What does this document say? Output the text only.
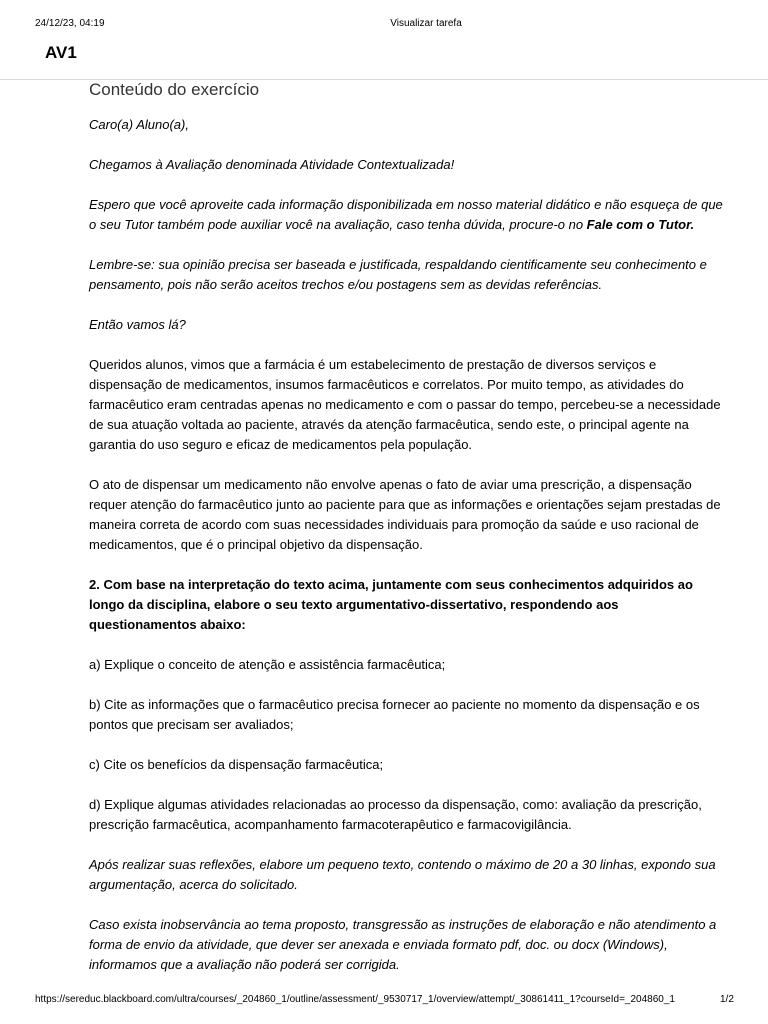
24/12/23, 04:19	Visualizar tarefa
AV1
Conteúdo do exercício

Caro(a) Aluno(a),

Chegamos à Avaliação denominada Atividade Contextualizada!

Espero que você aproveite cada informação disponibilizada em nosso material didático e não esqueça de que o seu Tutor também pode auxiliar você na avaliação, caso tenha dúvida, procure-o no Fale com o Tutor.

Lembre-se: sua opinião precisa ser baseada e justificada, respaldando cientificamente seu conhecimento e pensamento, pois não serão aceitos trechos e/ou postagens sem as devidas referências.

Então vamos lá?

Queridos alunos, vimos que a farmácia é um estabelecimento de prestação de diversos serviços e dispensação de medicamentos, insumos farmacêuticos e correlatos. Por muito tempo, as atividades do farmacêutico eram centradas apenas no medicamento e com o passar do tempo, percebeu-se a necessidade de sua atuação voltada ao paciente, através da atenção farmacêutica, sendo este, o principal agente na garantia do uso seguro e eficaz de medicamentos pela população.

O ato de dispensar um medicamento não envolve apenas o fato de aviar uma prescrição, a dispensação requer atenção do farmacêutico junto ao paciente para que as informações e orientações sejam prestadas de maneira correta de acordo com suas necessidades individuais para promoção da saúde e uso racional de medicamentos, que é o principal objetivo da dispensação.

2. Com base na interpretação do texto acima, juntamente com seus conhecimentos adquiridos ao longo da disciplina, elabore o seu texto argumentativo-dissertativo, respondendo aos questionamentos abaixo:

a) Explique o conceito de atenção e assistência farmacêutica;

b) Cite as informações que o farmacêutico precisa fornecer ao paciente no momento da dispensação e os pontos que precisam ser avaliados;

c) Cite os benefícios da dispensação farmacêutica;

d) Explique algumas atividades relacionadas ao processo da dispensação, como: avaliação da prescrição, prescrição farmacêutica, acompanhamento farmacoterapêutico e farmacovigilância.

Após realizar suas reflexões, elabore um pequeno texto, contendo o máximo de 20 a 30 linhas, expondo sua argumentação, acerca do solicitado.

Caso exista inobservância ao tema proposto, transgressão as instruções de elaboração e não atendimento a forma de envio da atividade, que dever ser anexada e enviada formato pdf, doc. ou docx (Windows), informamos que a avaliação não poderá ser corrigida.

https://sereduc.blackboard.com/ultra/courses/_204860_1/outline/assessment/_9530717_1/overview/attempt/_30861411_1?courseId=_204860_1	1/2
